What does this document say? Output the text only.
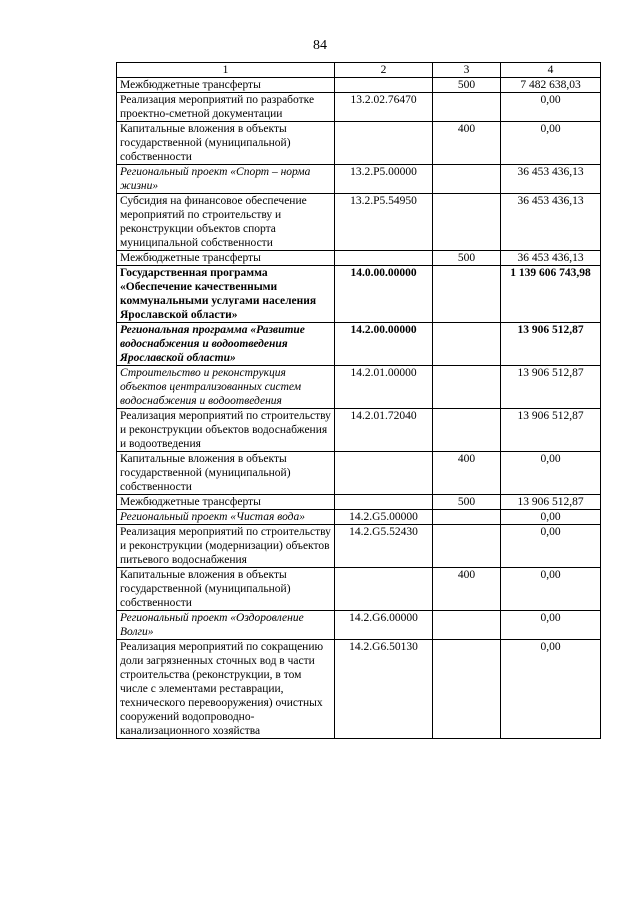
84
1	2	3	4
Межбюджетные трансферты		500	7 482 638,03
Реализация мероприятий по разработке проектно-сметной документации	13.2.02.76470		0,00
Капитальные вложения в объекты государственной (муниципальной) собственности		400	0,00
Региональный проект «Спорт – норма жизни»	13.2.P5.00000		36 453 436,13
Субсидия на финансовое обеспечение мероприятий по строительству и реконструкции объектов спорта муниципальной собственности	13.2.P5.54950		36 453 436,13
Межбюджетные трансферты		500	36 453 436,13
Государственная программа «Обеспечение качественными коммунальными услугами населения Ярославской области»	14.0.00.00000		1 139 606 743,98
Региональная программа «Развитие водоснабжения и водоотведения Ярославской области»	14.2.00.00000		13 906 512,87
Строительство и реконструкция объектов централизованных систем водоснабжения и водоотведения	14.2.01.00000		13 906 512,87
Реализация мероприятий по строительству и реконструкции объектов водоснабжения и водоотведения	14.2.01.72040		13 906 512,87
Капитальные вложения в объекты государственной (муниципальной) собственности		400	0,00
Межбюджетные трансферты		500	13 906 512,87
Региональный проект «Чистая вода»	14.2.G5.00000		0,00
Реализация мероприятий по строительству и реконструкции (модернизации) объектов питьевого водоснабжения	14.2.G5.52430		0,00
Капитальные вложения в объекты государственной (муниципальной) собственности		400	0,00
Региональный проект «Оздоровление Волги»	14.2.G6.00000		0,00
Реализация мероприятий по сокращению доли загрязненных сточных вод в части строительства (реконструкции, в том числе с элементами реставрации, технического перевооружения) очистных сооружений водопроводно-канализационного хозяйства	14.2.G6.50130		0,00
